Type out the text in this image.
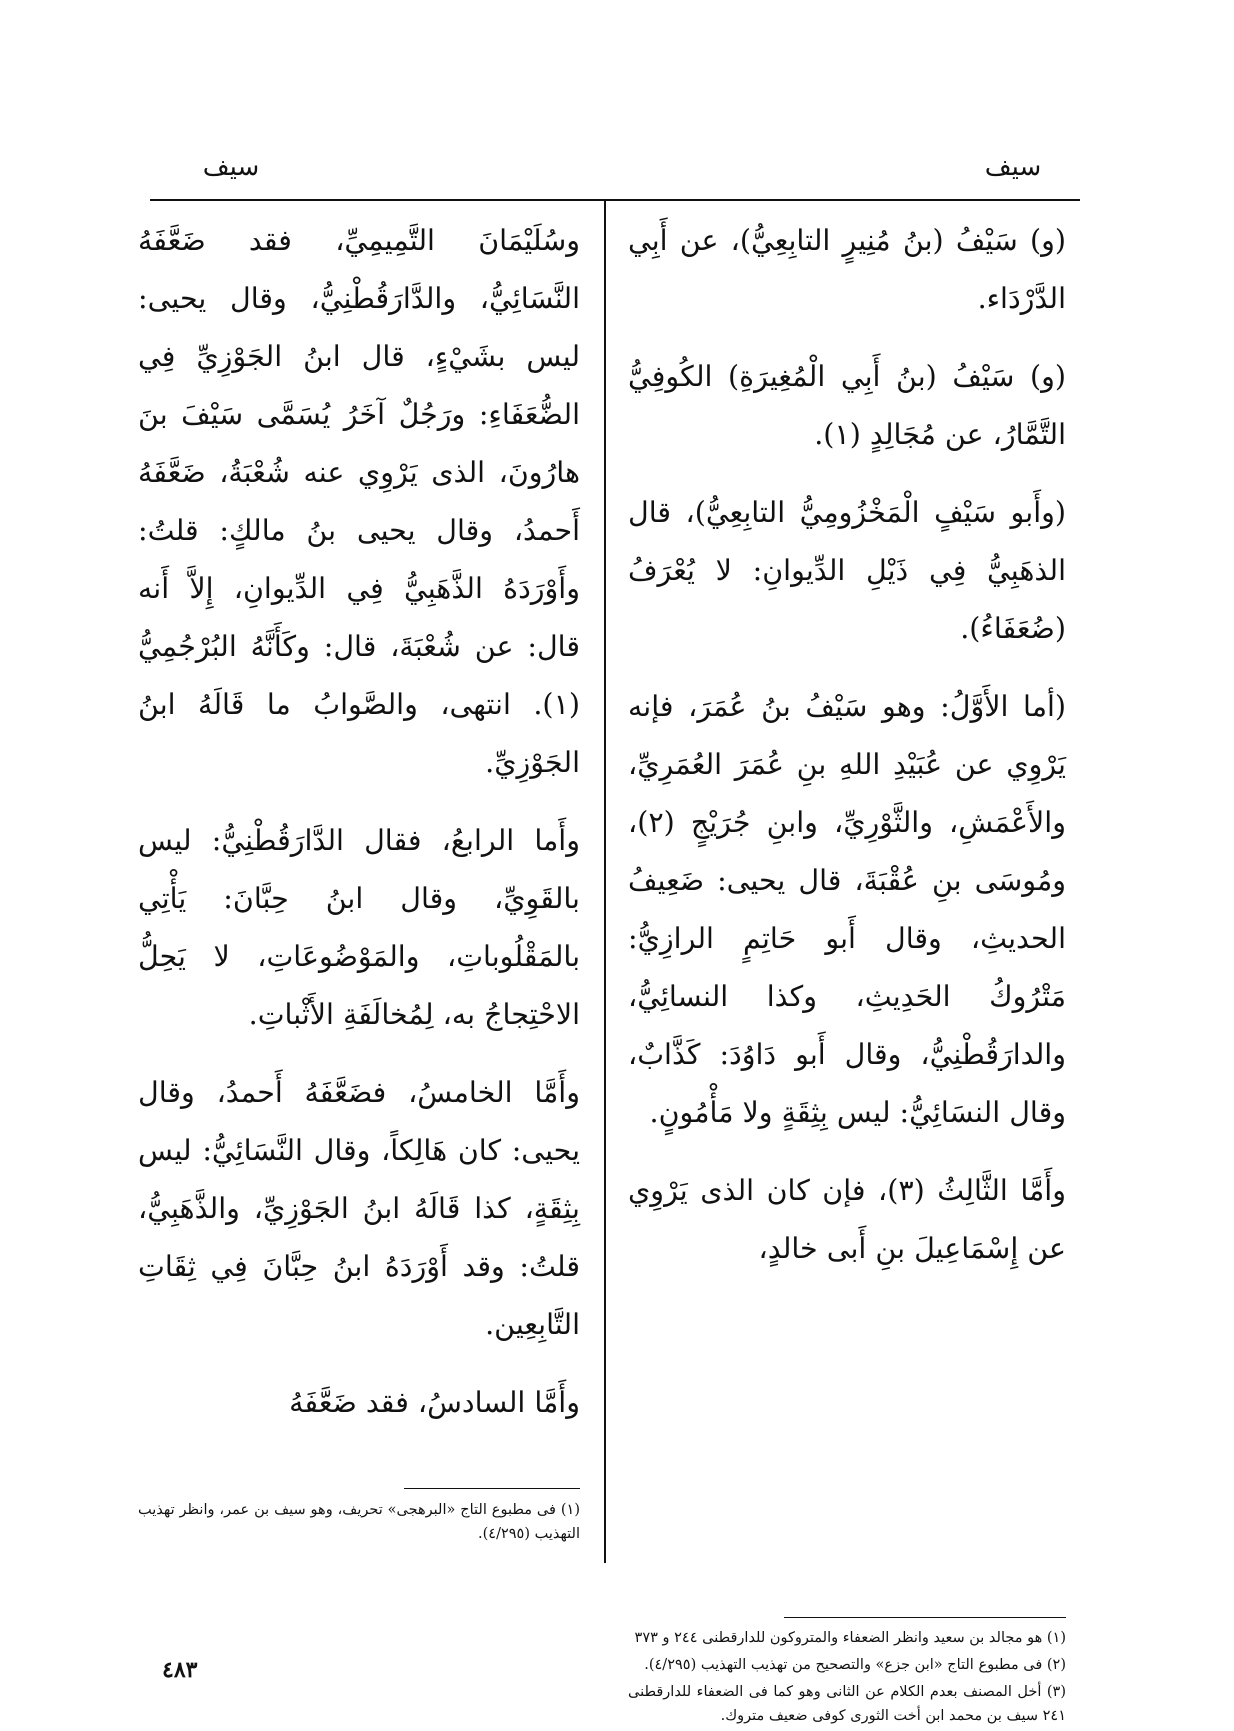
سيف
سيف

(و) سَيْفُ (بنُ مُنِيرٍ التابِعِيُّ)، عن أَبِي الدَّرْدَاء.

(و) سَيْفُ (بنُ أَبِي الْمُغِيرَةِ) الكُوفِيُّ التَّمَّارُ، عن مُجَالِدٍ (١).

(وأَبو سَيْفٍ الْمَخْزُومِيُّ التابِعِيُّ)، قال الذهَبِيُّ فِي ذَيْلِ الدِّيوانِ: لا يُعْرَفُ (ضُعَفَاءُ).

(أما الأَوَّلُ: وهو سَيْفُ بنُ عُمَرَ، فإنه يَرْوِي عن عُبَيْدِ اللهِ بنِ عُمَرَ العُمَرِيِّ، والأَعْمَشِ، والثَّوْرِيِّ، وابنِ جُرَيْجٍ (٢)، ومُوسَى بنِ عُقْبَةَ، قال يحيى: ضَعِيفُ الحديثِ، وقال أَبو حَاتِمٍ الرازِيُّ: مَتْرُوكُ الحَدِيثِ، وكذا النسائِيُّ، والدارَقُطْنِيُّ، وقال أَبو دَاوُدَ: كَذَّابٌ، وقال النسَائِيُّ: ليس بِثِقَةٍ ولا مَأْمُونٍ.

وأَمَّا الثَّالِثُ (٣)، فإن كان الذى يَرْوِي عن إِسْمَاعِيلَ بنِ أَبى خالدٍ،

وسُلَيْمَانَ التَّمِيمِيِّ، فقد ضَعَّفَهُ النَّسَائِيُّ، والدَّارَقُطْنِيُّ، وقال يحيى: ليس بشَيْءٍ، قال ابنُ الجَوْزِيِّ فِي الضُّعَفَاءِ: ورَجُلٌ آخَرُ يُسَمَّى سَيْفَ بنَ هارُونَ، الذى يَرْوِي عنه شُعْبَةُ، ضَعَّفَهُ أَحمدُ، وقال يحيى بنُ مالكٍ: قلتُ: وأَوْرَدَهُ الذَّهَبِيُّ فِي الدِّيوانِ، إِلاَّ أَنه قال: عن شُعْبَةَ، قال: وكَأَنَّهُ البُرْجُمِيُّ (١). انتهى، والصَّوابُ ما قَالَهُ ابنُ الجَوْزِيِّ.

وأَما الرابعُ، فقال الدَّارَقُطْنِيُّ: ليس بالقَوِيِّ، وقال ابنُ حِبَّانَ: يَأْتِي بالمَقْلُوباتِ، والمَوْضُوعَاتِ، لا يَحِلُّ الاحْتِجاجُ به، لِمُخالَفَةِ الأَثْباتِ.

وأَمَّا الخامسُ، فضَعَّفَهُ أَحمدُ، وقال يحيى: كان هَالِكاً، وقال النَّسَائِيُّ: ليس بِثِقَةٍ، كذا قَالَهُ ابنُ الجَوْزِيِّ، والذَّهَبِيُّ، قلتُ: وقد أَوْرَدَهُ ابنُ حِبَّانَ فِي ثِقَاتِ التَّابِعِين.

وأَمَّا السادسُ، فقد ضَعَّفَهُ

(١) هو مجالد بن سعيد وانظر الضعفاء والمتروكون للدارقطنى ٢٤٤ و ٣٧٣

(٢) فى مطبوع التاج «ابن جزع» والتصحيح من تهذيب التهذيب (٤/٢٩٥).

(٣) أخل المصنف بعدم الكلام عن الثانى وهو كما فى الضعفاء للدارقطنى ٢٤١ سيف بن محمد ابن أخت الثورى كوفى ضعيف متروك.

(١) فى مطبوع التاج «البرهجى» تحريف، وهو سيف بن عمر، وانظر تهذيب التهذيب (٤/٢٩٥).

٤٨٣
